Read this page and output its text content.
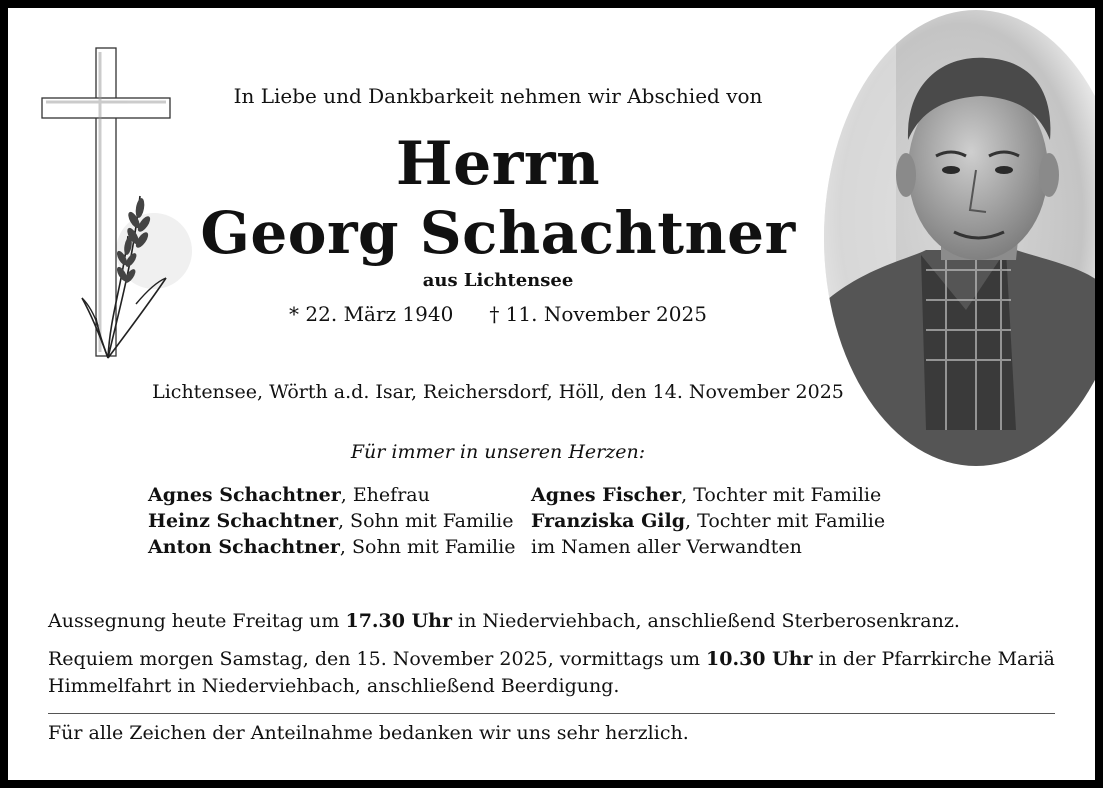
In Liebe und Dankbarkeit nehmen wir Abschied von
Herrn
Georg Schachtner
aus Lichtensee
* 22. März 1940 † 11. November 2025
Lichtensee, Wörth a.d. Isar, Reichersdorf, Höll, den 14. November 2025
Für immer in unseren Herzen:
Agnes Schachtner, Ehefrau
Heinz Schachtner, Sohn mit Familie
Anton Schachtner, Sohn mit Familie
Agnes Fischer, Tochter mit Familie
Franziska Gilg, Tochter mit Familie
im Namen aller Verwandten
Aussegnung heute Freitag um 17.30 Uhr in Niederviehbach, anschließend Sterberosenkranz.
Requiem morgen Samstag, den 15. November 2025, vormittags um 10.30 Uhr in der Pfarrkirche Mariä Himmelfahrt in Niederviehbach, anschließend Beerdigung.
Für alle Zeichen der Anteilnahme bedanken wir uns sehr herzlich.
